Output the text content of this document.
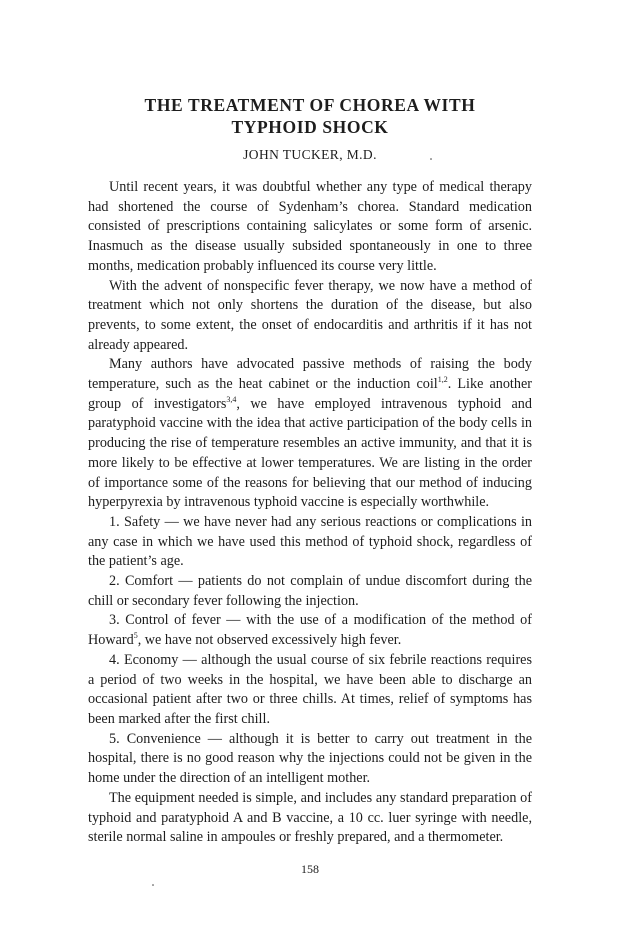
THE TREATMENT OF CHOREA WITH
TYPHOID SHOCK

JOHN TUCKER, M.D.

Until recent years, it was doubtful whether any type of medical therapy had shortened the course of Sydenham’s chorea. Standard medication consisted of prescriptions containing salicylates or some form of arsenic. Inasmuch as the disease usually subsided spontaneously in one to three months, medication probably influenced its course very little.

With the advent of nonspecific fever therapy, we now have a method of treatment which not only shortens the duration of the disease, but also prevents, to some extent, the onset of endocarditis and arthritis if it has not already appeared.

Many authors have advocated passive methods of raising the body temperature, such as the heat cabinet or the induction coil$^{1,2}$. Like another group of investigators$^{3,4}$, we have employed intravenous typhoid and paratyphoid vaccine with the idea that active participation of the body cells in producing the rise of temperature resembles an active immunity, and that it is more likely to be effective at lower temperatures. We are listing in the order of importance some of the reasons for believing that our method of inducing hyperpyrexia by intravenous typhoid vaccine is especially worthwhile.

1. Safety — we have never had any serious reactions or complications in any case in which we have used this method of typhoid shock, regardless of the patient’s age.

2. Comfort — patients do not complain of undue discomfort during the chill or secondary fever following the injection.

3. Control of fever — with the use of a modification of the method of Howard$^5$, we have not observed excessively high fever.

4. Economy — although the usual course of six febrile reactions requires a period of two weeks in the hospital, we have been able to discharge an occasional patient after two or three chills. At times, relief of symptoms has been marked after the first chill.

5. Convenience — although it is better to carry out treatment in the hospital, there is no good reason why the injections could not be given in the home under the direction of an intelligent mother.

The equipment needed is simple, and includes any standard preparation of typhoid and paratyphoid A and B vaccine, a 10 cc. luer syringe with needle, sterile normal saline in ampoules or freshly prepared, and a thermometer.

158
